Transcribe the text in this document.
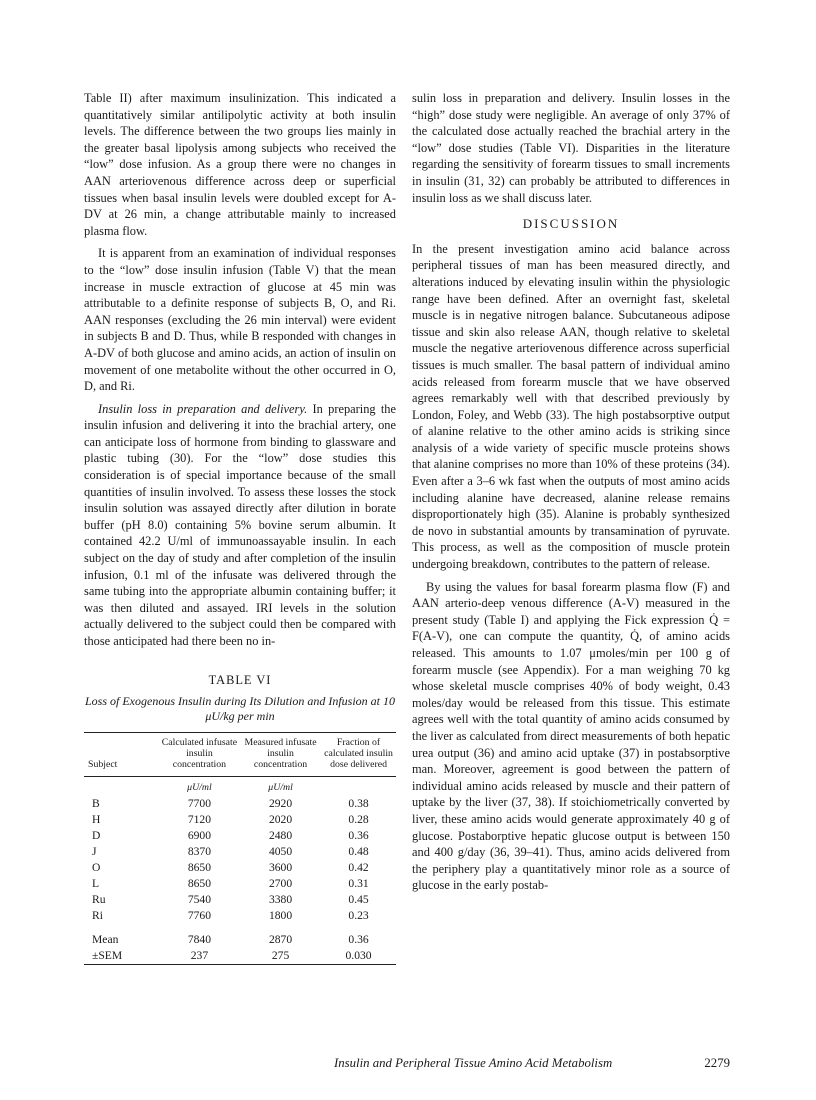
Table II) after maximum insulinization. This indicated a quantitatively similar antilipolytic activity at both insulin levels. The difference between the two groups lies mainly in the greater basal lipolysis among subjects who received the “low” dose infusion. As a group there were no changes in AAN arteriovenous difference across deep or superficial tissues when basal insulin levels were doubled except for A-DV at 26 min, a change attributable mainly to increased plasma flow.

It is apparent from an examination of individual responses to the “low” dose insulin infusion (Table V) that the mean increase in muscle extraction of glucose at 45 min was attributable to a definite response of subjects B, O, and Ri. AAN responses (excluding the 26 min interval) were evident in subjects B and D. Thus, while B responded with changes in A-DV of both glucose and amino acids, an action of insulin on movement of one metabolite without the other occurred in O, D, and Ri.

Insulin loss in preparation and delivery. In preparing the insulin infusion and delivering it into the brachial artery, one can anticipate loss of hormone from binding to glassware and plastic tubing (30). For the “low” dose studies this consideration is of special importance because of the small quantities of insulin involved. To assess these losses the stock insulin solution was assayed directly after dilution in borate buffer (pH 8.0) containing 5% bovine serum albumin. It contained 42.2 U/ml of immunoassayable insulin. In each subject on the day of study and after completion of the insulin infusion, 0.1 ml of the infusate was delivered through the same tubing into the appropriate albumin containing buffer; it was then diluted and assayed. IRI levels in the solution actually delivered to the subject could then be compared with those anticipated had there been no in-

TABLE VI

Loss of Exogenous Insulin during Its Dilution and Infusion at 10 μU/kg per min

Subject	Calculated infusate insulin concentration	Measured infusate insulin concentration	Fraction of calculated insulin dose delivered
	μU/ml	μU/ml	
B	7700	2920	0.38
H	7120	2020	0.28
D	6900	2480	0.36
J	8370	4050	0.48
O	8650	3600	0.42
L	8650	2700	0.31
Ru	7540	3380	0.45
Ri	7760	1800	0.23
Mean	7840	2870	0.36
±SEM	237	275	0.030

sulin loss in preparation and delivery. Insulin losses in the “high” dose study were negligible. An average of only 37% of the calculated dose actually reached the brachial artery in the “low” dose studies (Table VI). Disparities in the literature regarding the sensitivity of forearm tissues to small increments in insulin (31, 32) can probably be attributed to differences in insulin loss as we shall discuss later.

DISCUSSION

In the present investigation amino acid balance across peripheral tissues of man has been measured directly, and alterations induced by elevating insulin within the physiologic range have been defined. After an overnight fast, skeletal muscle is in negative nitrogen balance. Subcutaneous adipose tissue and skin also release AAN, though relative to skeletal muscle the negative arteriovenous difference across superficial tissues is much smaller. The basal pattern of individual amino acids released from forearm muscle that we have observed agrees remarkably well with that described previously by London, Foley, and Webb (33). The high postabsorptive output of alanine relative to the other amino acids is striking since analysis of a wide variety of specific muscle proteins shows that alanine comprises no more than 10% of these proteins (34). Even after a 3–6 wk fast when the outputs of most amino acids including alanine have decreased, alanine release remains disproportionately high (35). Alanine is probably synthesized de novo in substantial amounts by transamination of pyruvate. This process, as well as the composition of muscle protein undergoing breakdown, contributes to the pattern of release.

By using the values for basal forearm plasma flow (F) and AAN arterio-deep venous difference (A-V) measured in the present study (Table I) and applying the Fick expression Q̇ = F(A-V), one can compute the quantity, Q̇, of amino acids released. This amounts to 1.07 μmoles/min per 100 g of forearm muscle (see Appendix). For a man weighing 70 kg whose skeletal muscle comprises 40% of body weight, 0.43 moles/day would be released from this tissue. This estimate agrees well with the total quantity of amino acids consumed by the liver as calculated from direct measurements of both hepatic urea output (36) and amino acid uptake (37) in postabsorptive man. Moreover, agreement is good between the pattern of individual amino acids released by muscle and their pattern of uptake by the liver (37, 38). If stoichiometrically converted by liver, these amino acids would generate approximately 40 g of glucose. Postaborptive hepatic glucose output is between 150 and 400 g/day (36, 39–41). Thus, amino acids delivered from the periphery play a quantitatively minor role as a source of glucose in the early postab-

Insulin and Peripheral Tissue Amino Acid Metabolism	2279
